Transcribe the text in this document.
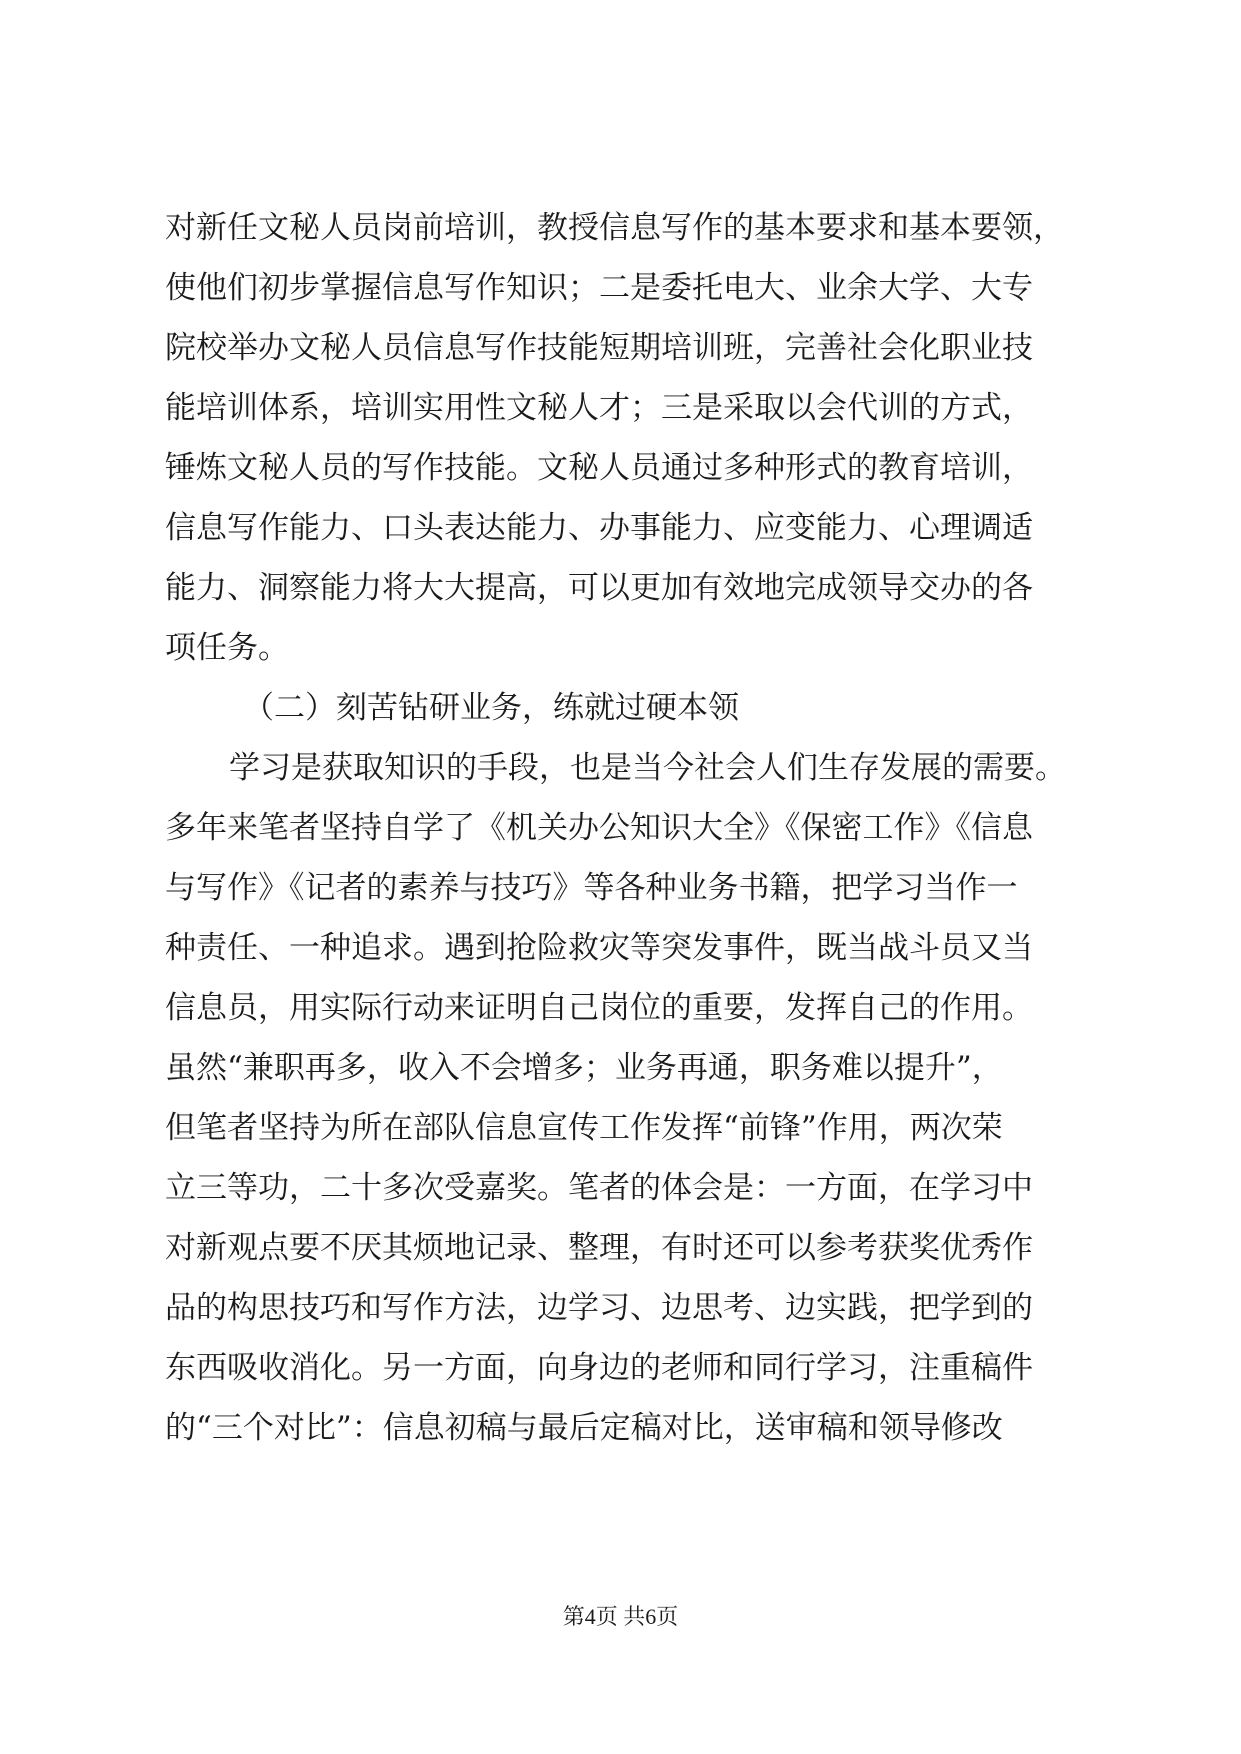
对新任文秘人员岗前培训，教授信息写作的基本要求和基本要领，
使他们初步掌握信息写作知识；二是委托电大、业余大学、大专
院校举办文秘人员信息写作技能短期培训班，完善社会化职业技
能培训体系，培训实用性文秘人才；三是采取以会代训的方式，
锤炼文秘人员的写作技能。文秘人员通过多种形式的教育培训，
信息写作能力、口头表达能力、办事能力、应变能力、心理调适
能力、洞察能力将大大提高，可以更加有效地完成领导交办的各
项任务。
（二）刻苦钻研业务，练就过硬本领
学习是获取知识的手段，也是当今社会人们生存发展的需要。
多年来笔者坚持自学了《机关办公知识大全》《保密工作》《信息
与写作》《记者的素养与技巧》等各种业务书籍，把学习当作一
种责任、一种追求。遇到抢险救灾等突发事件，既当战斗员又当
信息员，用实际行动来证明自己岗位的重要，发挥自己的作用。
虽然“兼职再多，收入不会增多；业务再通，职务难以提升”，
但笔者坚持为所在部队信息宣传工作发挥“前锋”作用，两次荣
立三等功，二十多次受嘉奖。笔者的体会是：一方面，在学习中
对新观点要不厌其烦地记录、整理，有时还可以参考获奖优秀作
品的构思技巧和写作方法，边学习、边思考、边实践，把学到的
东西吸收消化。另一方面，向身边的老师和同行学习，注重稿件
的“三个对比”：信息初稿与最后定稿对比，送审稿和领导修改
第4页 共6页
